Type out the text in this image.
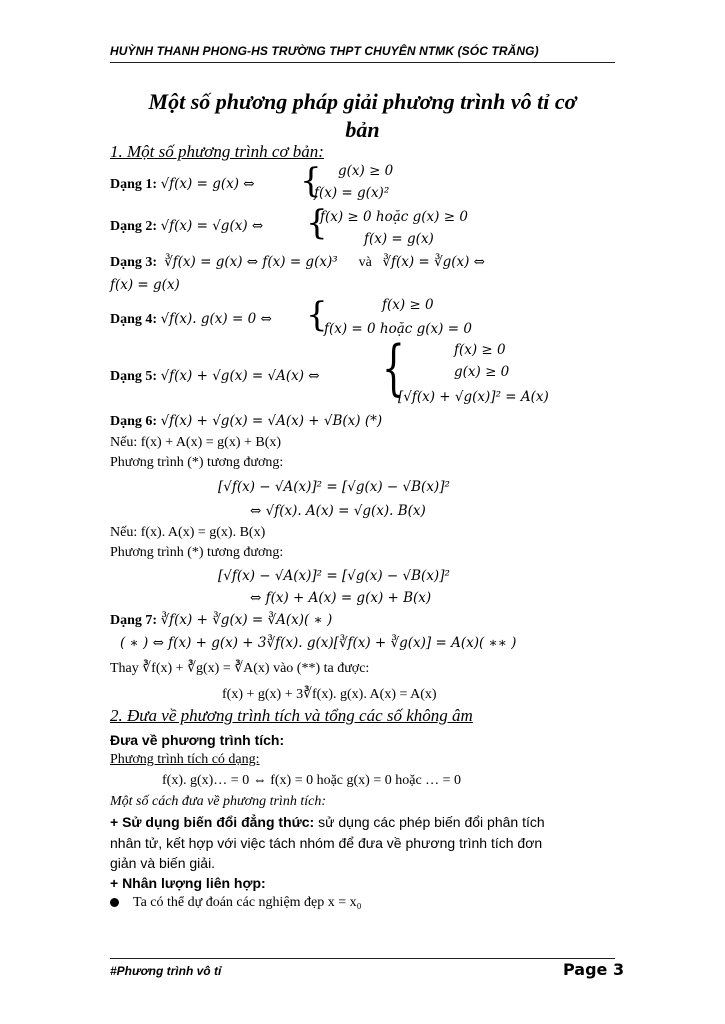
HUỲNH THANH PHONG-HS TRƯỜNG THPT CHUYÊN NTMK (SÓC TRĂNG)
Một số phương pháp giải phương trình vô tỉ cơ
bản
1. Một số phương trình cơ bản:
Dạng 1: √f(x) = g(x) ⇔ { g(x) ≥ 0
f(x) = g(x)²
Dạng 2: √f(x) = √g(x) ⇔ {
f(x) ≥ 0 hoặc g(x) ≥ 0
f(x) = g(x)
Dạng 3: ∛f(x) = g(x) ⇔ f(x) = g(x)³ và ∛f(x) = ∛g(x) ⇔
f(x) = g(x)
Dạng 4: √f(x). g(x) = 0 ⇔ {	f(x) ≥ 0
f(x) = 0 hoặc g(x) = 0
Dạng 5: √f(x) + √g(x) = √A(x) ⇔ {	f(x) ≥ 0
g(x) ≥ 0
[√f(x) + √g(x)]² = A(x)
Dạng 6: √f(x) + √g(x) = √A(x) + √B(x) (*)
Nếu: f(x) + A(x) = g(x) + B(x)
Phương trình (*) tương đương:
[√f(x) − √A(x)]² = [√g(x) − √B(x)]²
⇔ √f(x). A(x) = √g(x). B(x)
Nếu: f(x). A(x) = g(x). B(x)
Phương trình (*) tương đương:
[√f(x) − √A(x)]² = [√g(x) − √B(x)]²
⇔ f(x) + A(x) = g(x) + B(x)
Dạng 7: ∛f(x) + ∛g(x) = ∛A(x)( ∗ )
( ∗ ) ⇔ f(x) + g(x) + 3∛f(x). g(x)[∛f(x) + ∛g(x)] = A(x)( ∗∗ )
Thay ∛f(x) + ∛g(x) = ∛A(x) vào (**) ta được:
f(x) + g(x) + 3∛f(x). g(x). A(x) = A(x)
2. Đưa về phương trình tích và tổng các số không âm
Đưa về phương trình tích:
Phương trình tích có dạng:
f(x). g(x)… = 0 ⇔ f(x) = 0 hoặc g(x) = 0 hoặc … = 0
Một số cách đưa về phương trình tích:
+ Sử dụng biến đổi đẳng thức: sử dụng các phép biến đổi phân tích
nhân tử, kết hợp với việc tách nhóm để đưa về phương trình tích đơn
giản và biến giải.
+ Nhân lượng liên hợp:
Ta có thể dự đoán các nghiệm đẹp x = x₀
#Phương trình vô tỉ	Page 3
